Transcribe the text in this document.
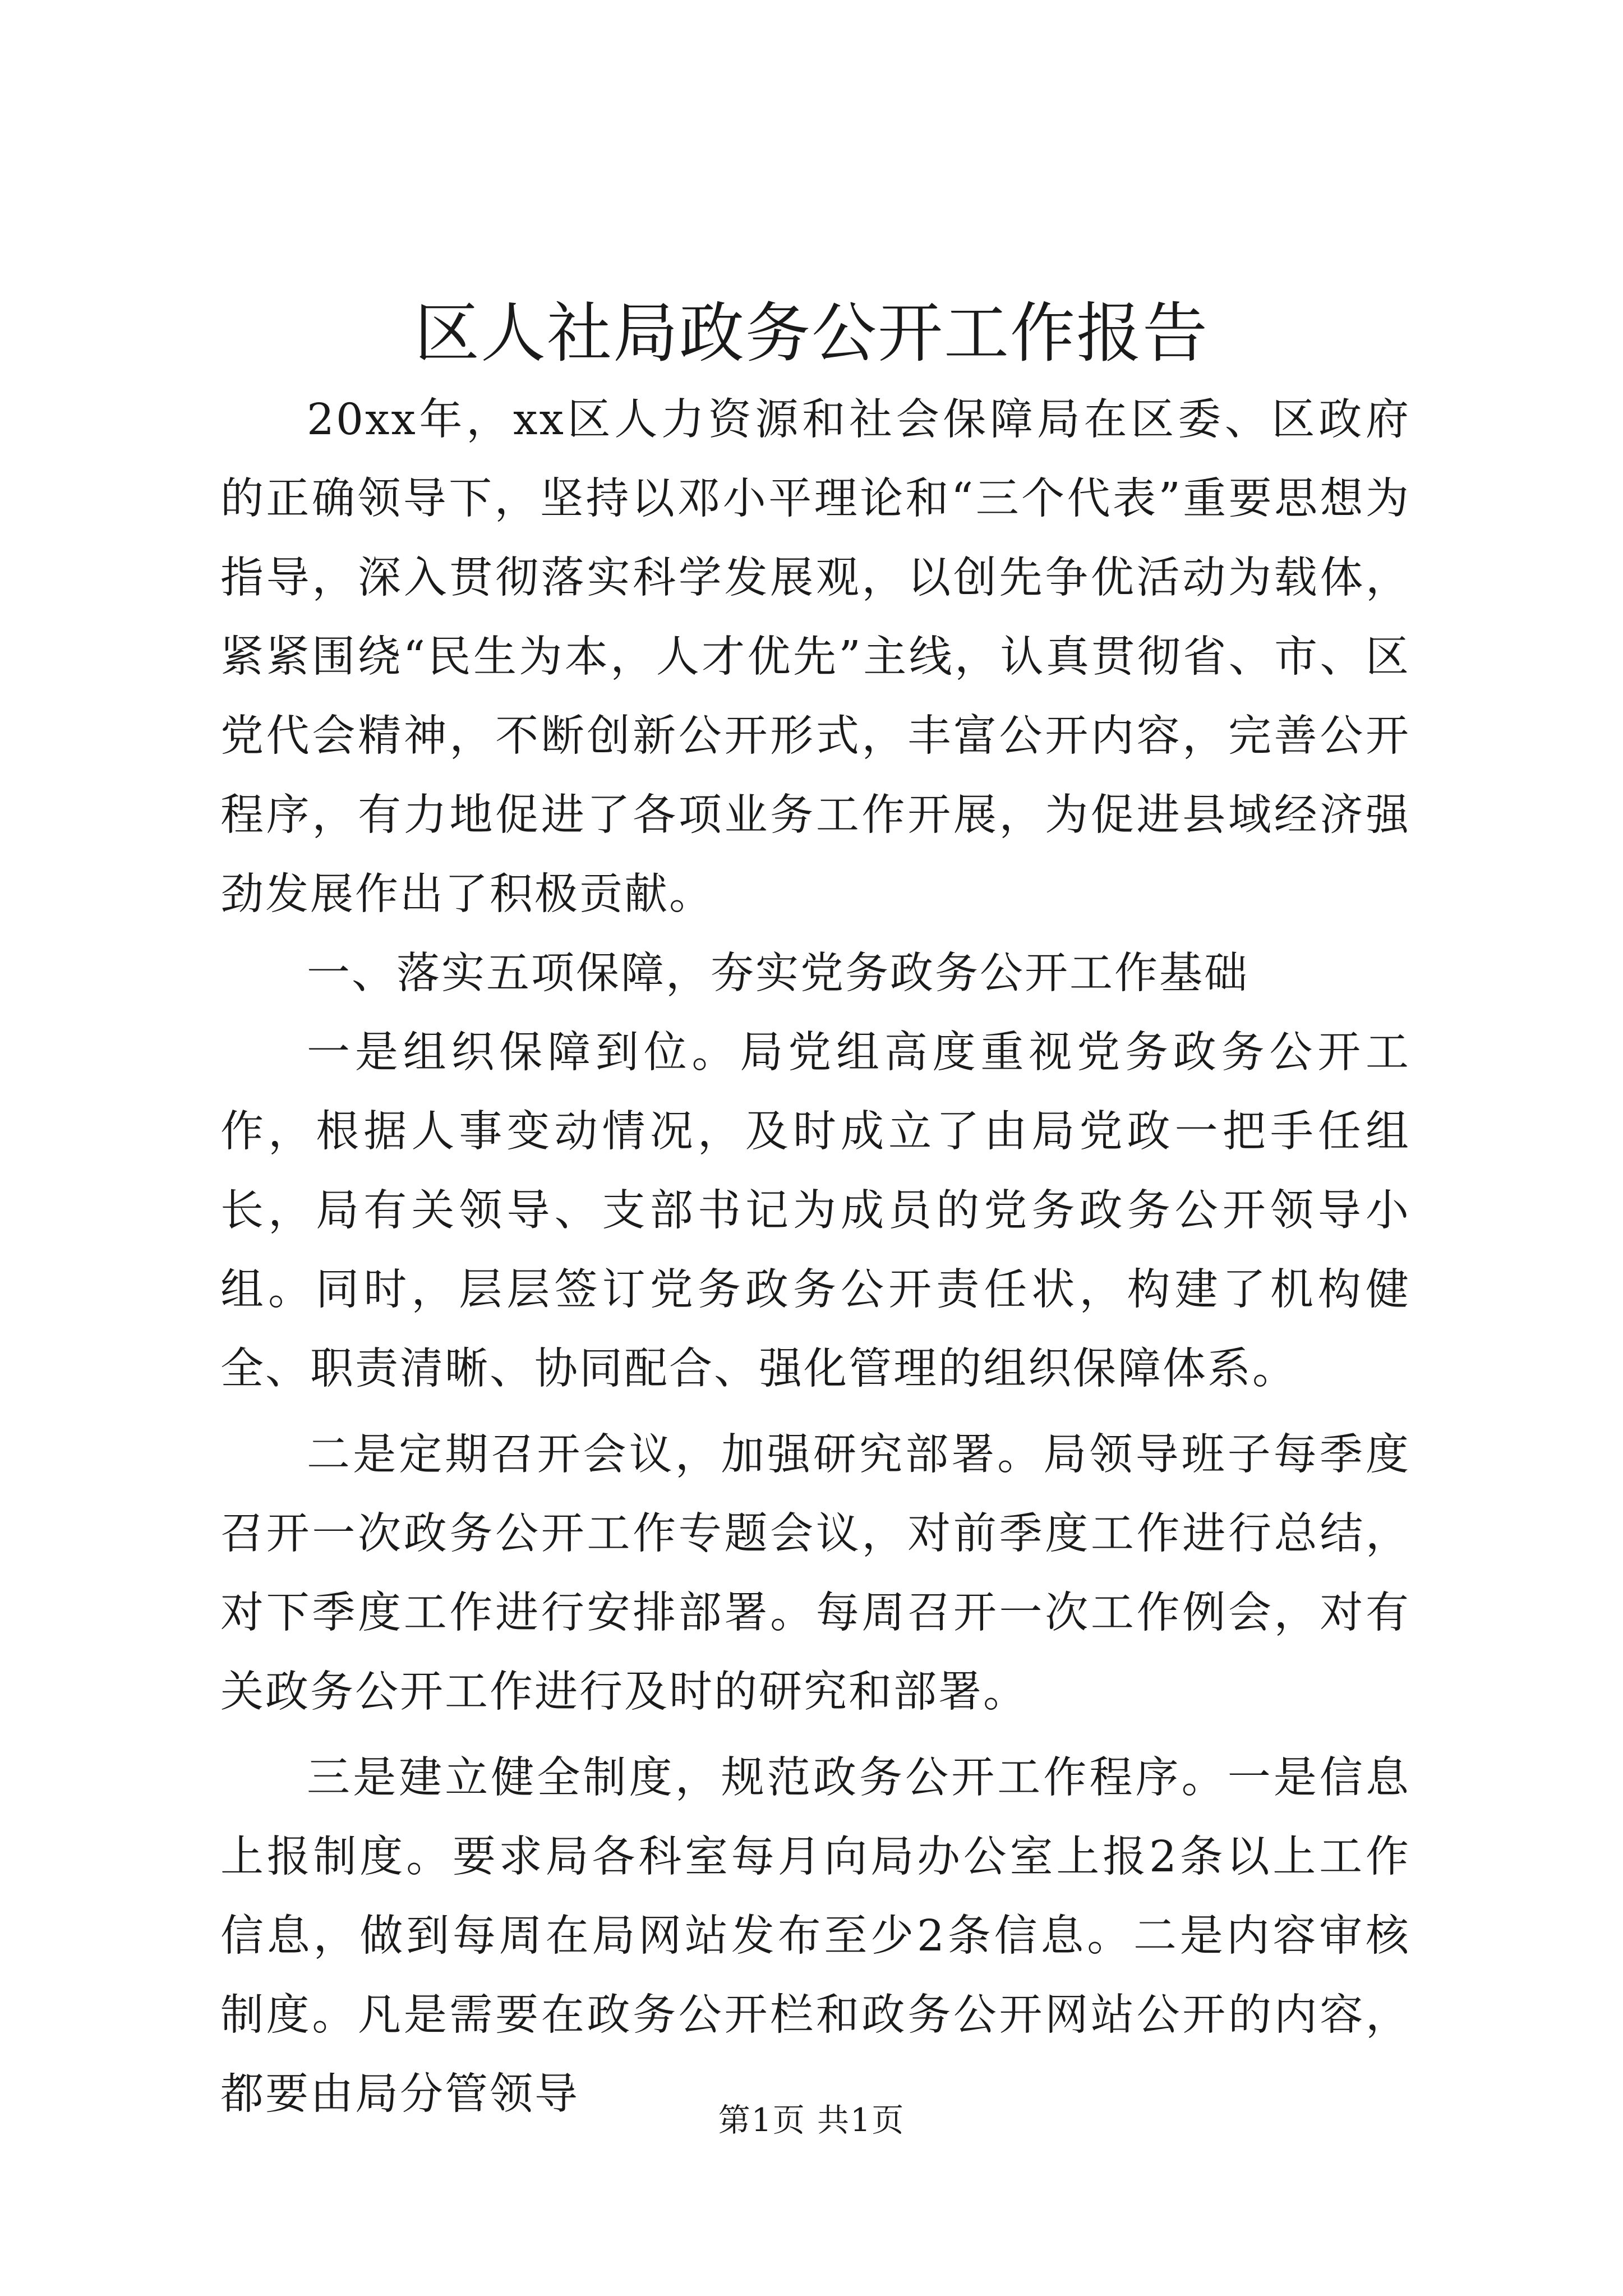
区人社局政务公开工作报告

20xx年，xx区人力资源和社会保障局在区委、区政府的正确领导下，坚持以邓小平理论和“三个代表”重要思想为指导，深入贯彻落实科学发展观，以创先争优活动为载体，紧紧围绕“民生为本，人才优先”主线，认真贯彻省、市、区党代会精神，不断创新公开形式，丰富公开内容，完善公开程序，有力地促进了各项业务工作开展，为促进县域经济强劲发展作出了积极贡献。

一、落实五项保障，夯实党务政务公开工作基础

一是组织保障到位。局党组高度重视党务政务公开工作，根据人事变动情况，及时成立了由局党政一把手任组长，局有关领导、支部书记为成员的党务政务公开领导小组。同时，层层签订党务政务公开责任状，构建了机构健全、职责清晰、协同配合、强化管理的组织保障体系。

二是定期召开会议，加强研究部署。局领导班子每季度召开一次政务公开工作专题会议，对前季度工作进行总结，对下季度工作进行安排部署。每周召开一次工作例会，对有关政务公开工作进行及时的研究和部署。

三是建立健全制度，规范政务公开工作程序。一是信息上报制度。要求局各科室每月向局办公室上报2条以上工作信息，做到每周在局网站发布至少2条信息。二是内容审核制度。凡是需要在政务公开栏和政务公开网站公开的内容，都要由局分管领导

第1页 共1页
